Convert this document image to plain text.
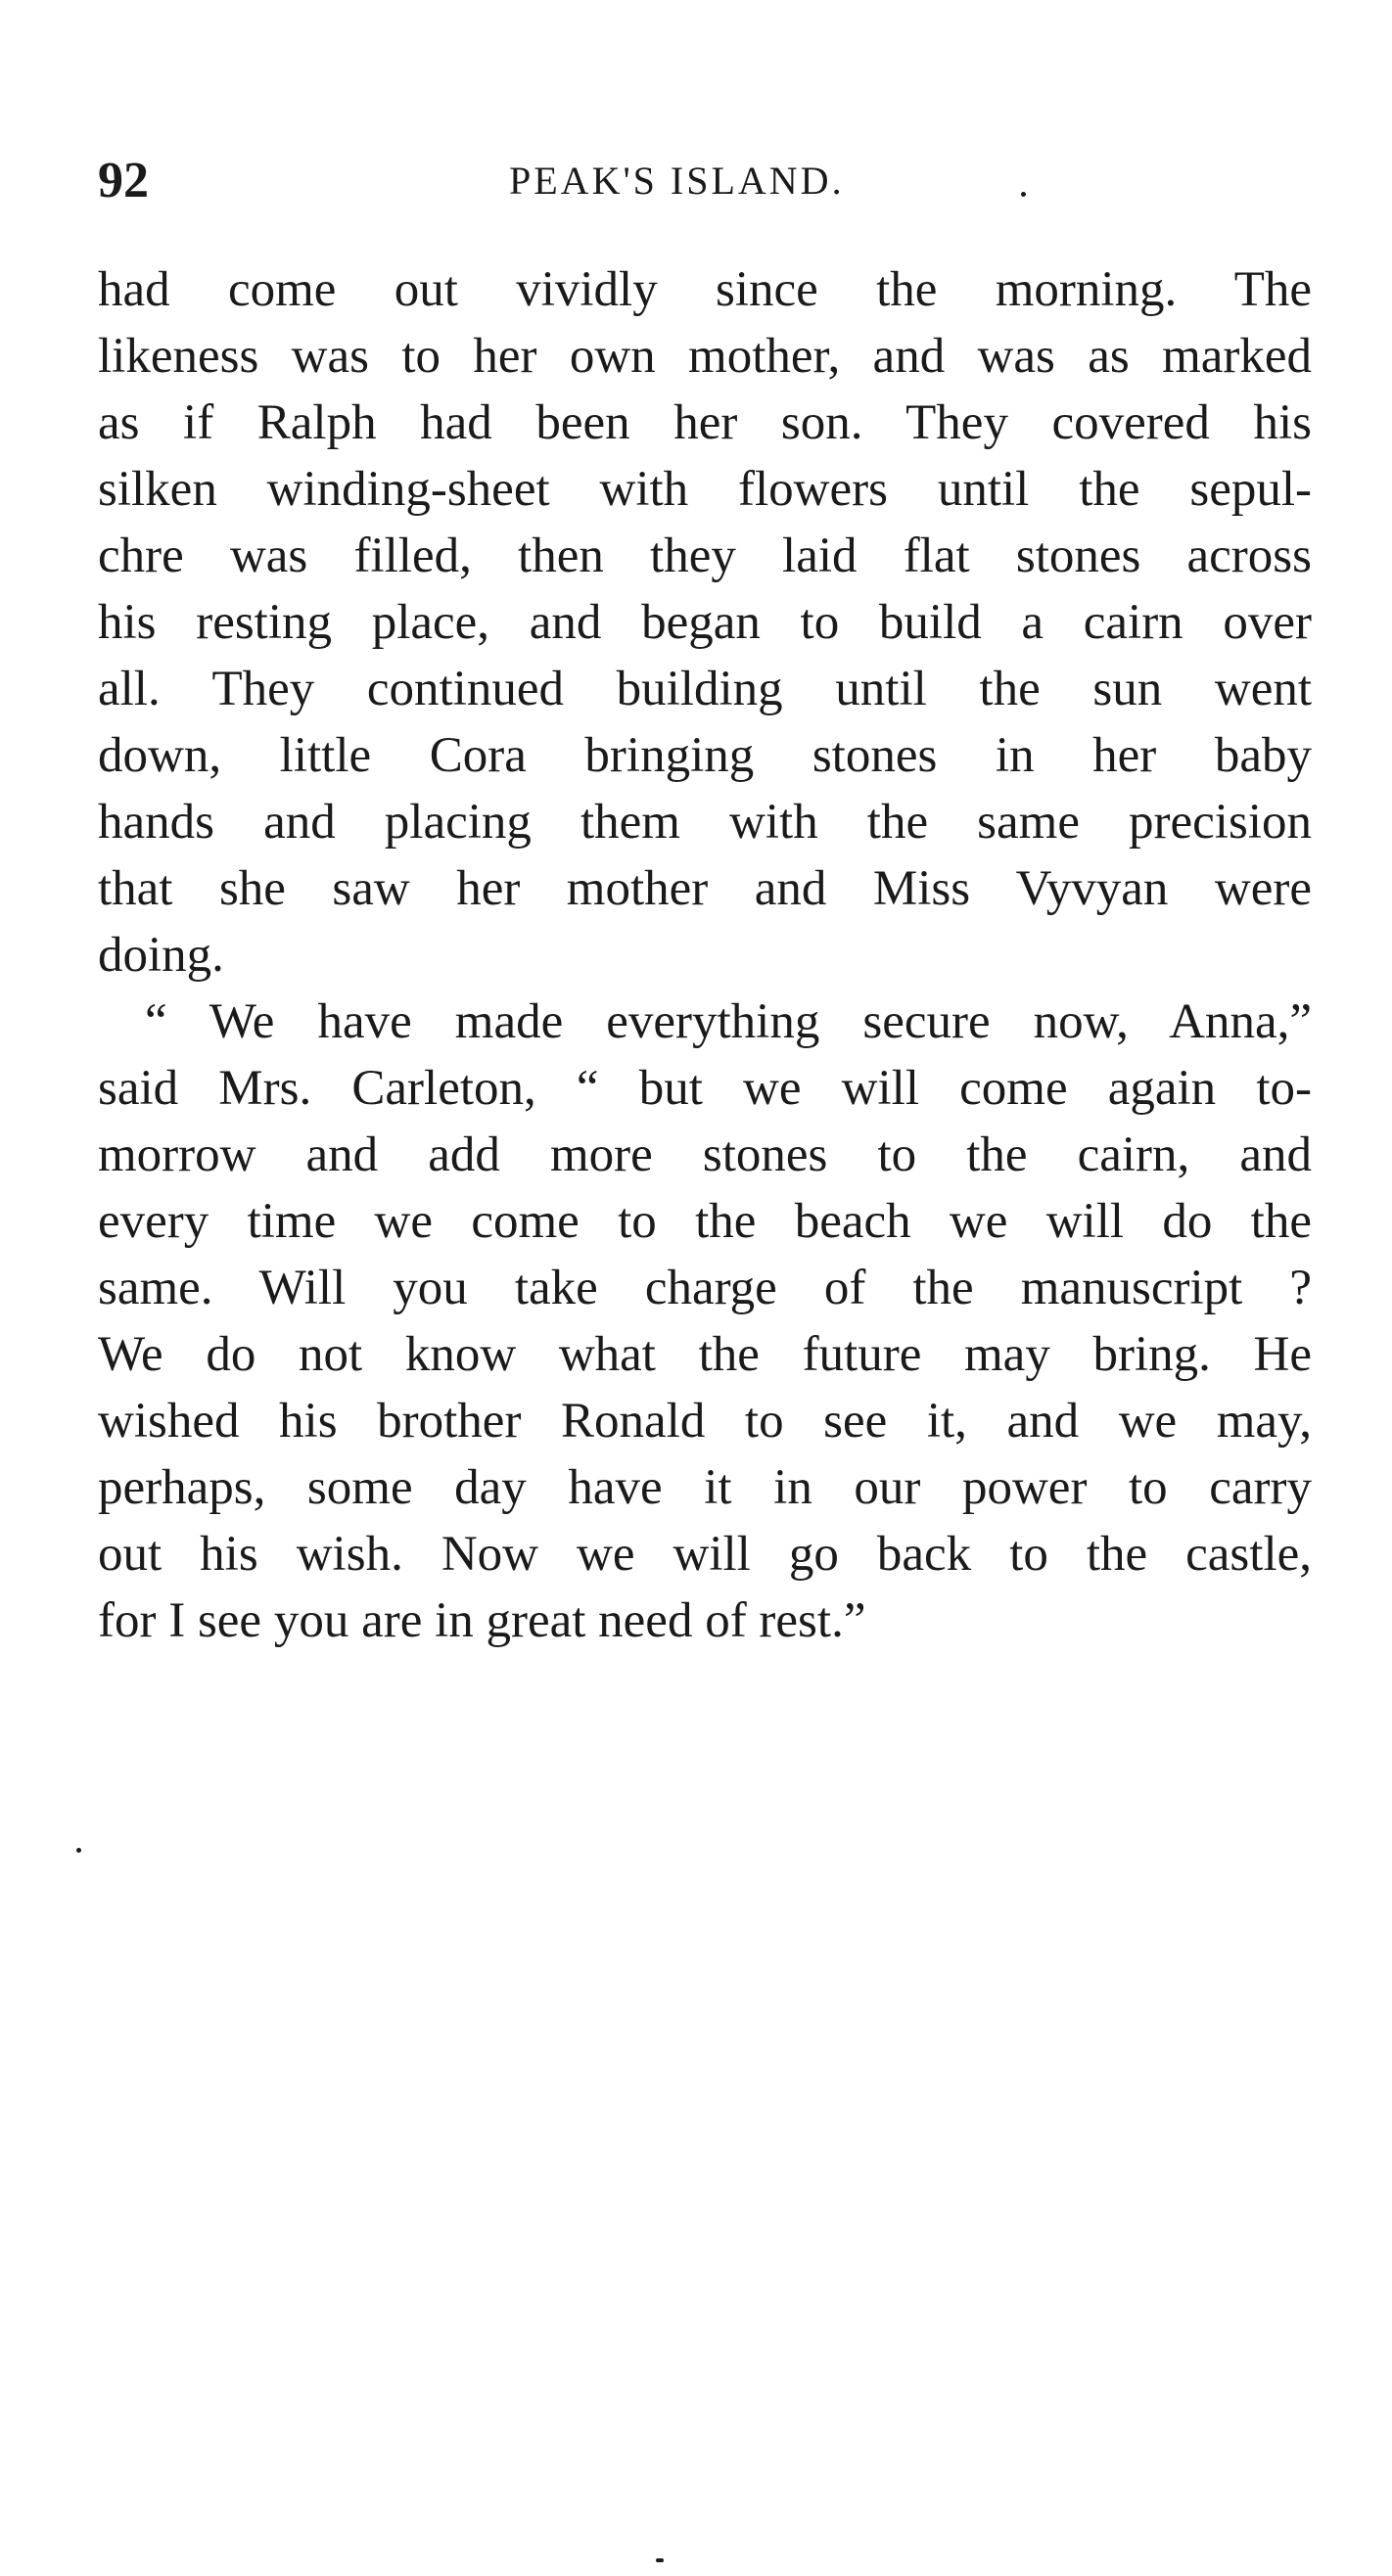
92	PEAK'S ISLAND.
had come out vividly since the morning. The
likeness was to her own mother, and was as marked
as if Ralph had been her son. They covered his
silken winding-sheet with flowers until the sepul-
chre was filled, then they laid flat stones across
his resting place, and began to build a cairn over
all. They continued building until the sun went
down, little Cora bringing stones in her baby
hands and placing them with the same precision
that she saw her mother and Miss Vyvyan were
doing.
“ We have made everything secure now, Anna,”
said Mrs. Carleton, “ but we will come again to-
morrow and add more stones to the cairn, and
every time we come to the beach we will do the
same. Will you take charge of the manuscript ?
We do not know what the future may bring. He
wished his brother Ronald to see it, and we may,
perhaps, some day have it in our power to carry
out his wish. Now we will go back to the castle,
for I see you are in great need of rest.”
